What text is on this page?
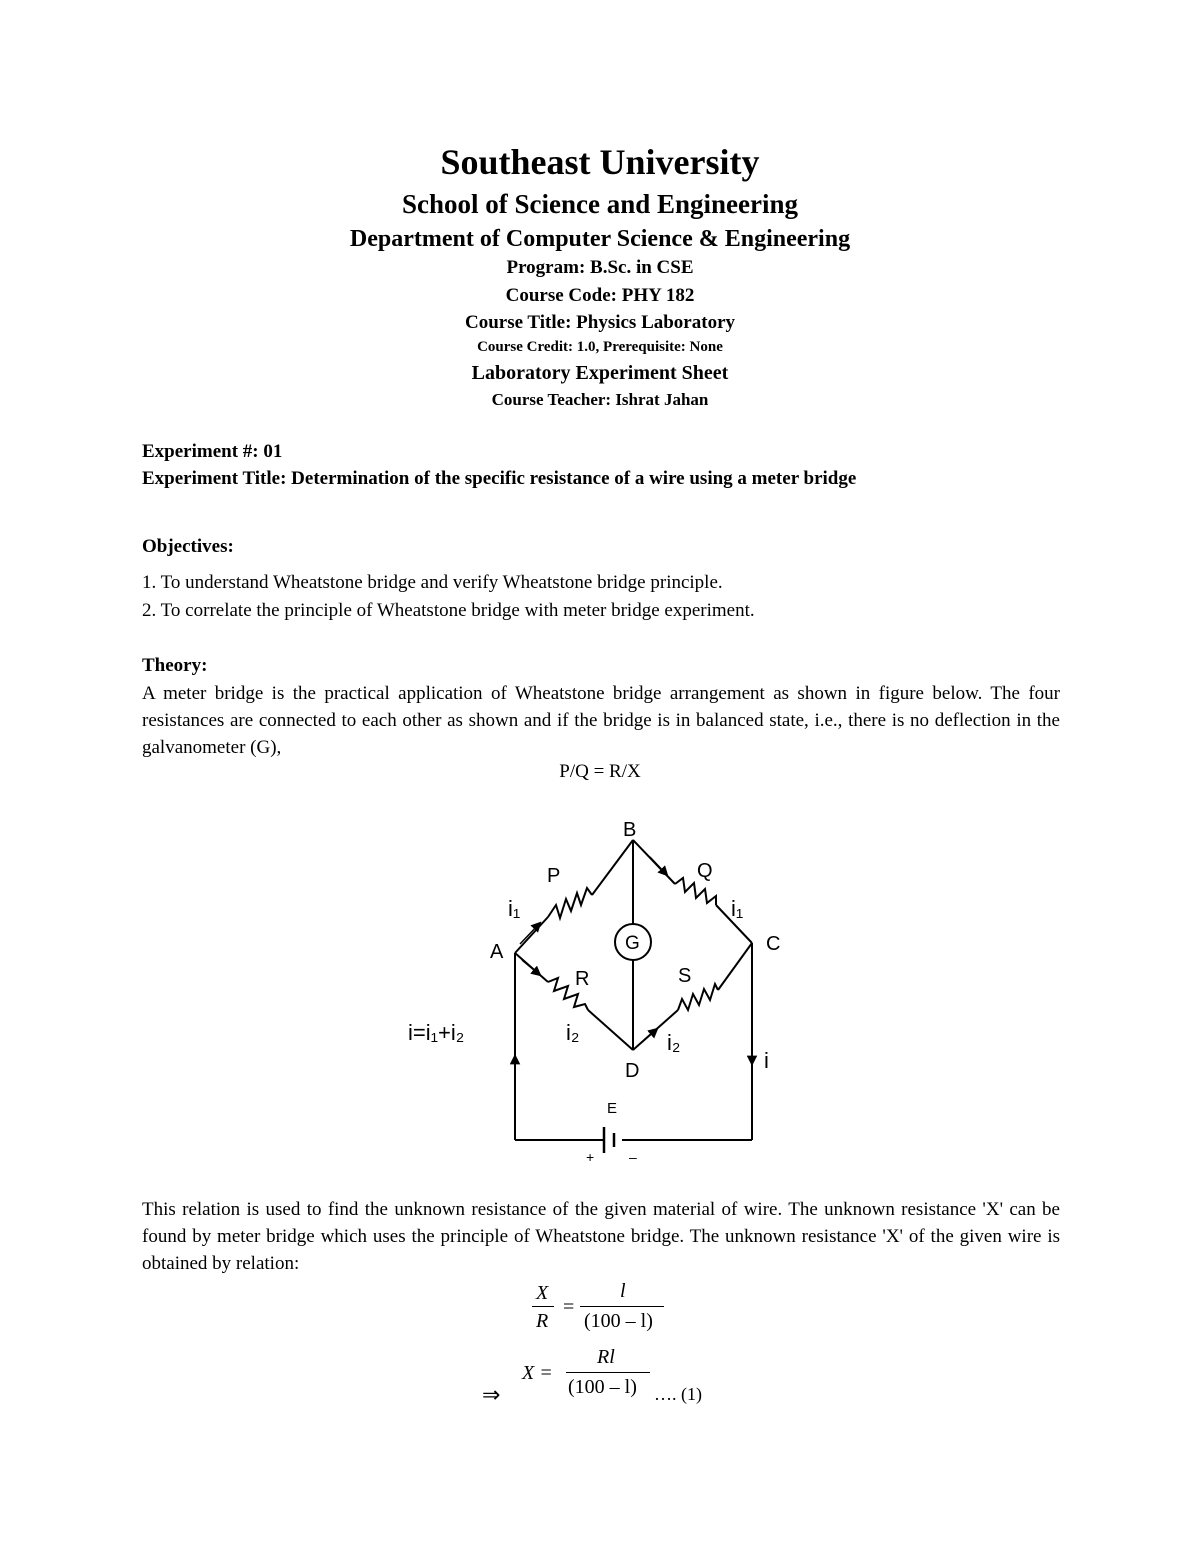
Southeast University
School of Science and Engineering
Department of Computer Science & Engineering
Program: B.Sc. in CSE
Course Code: PHY 182
Course Title: Physics Laboratory
Course Credit: 1.0, Prerequisite: None
Laboratory Experiment Sheet
Course Teacher: Ishrat Jahan
Experiment #: 01
Experiment Title: Determination of the specific resistance of a wire using a meter bridge
Objectives:
1. To understand Wheatstone bridge and verify Wheatstone bridge principle.
2. To correlate the principle of Wheatstone bridge with meter bridge experiment.
Theory:
A meter bridge is the practical application of Wheatstone bridge arrangement as shown in figure below. The four resistances are connected to each other as shown and if the bridge is in balanced state, i.e., there is no deflection in the galvanometer (G),
P/Q = R/X
B
A	C
D
P	Q
R	S
G
i₁	i₁
i₂	i₂
i=i₁+i₂
i
E
+ –
This relation is used to find the unknown resistance of the given material of wire. The unknown resistance 'X' can be found by meter bridge which uses the principle of Wheatstone bridge. The unknown resistance 'X' of the given wire is obtained by relation:
X
R
=
l
(100 – l)
⇒
X =
Rl
(100 – l) …. (1)
